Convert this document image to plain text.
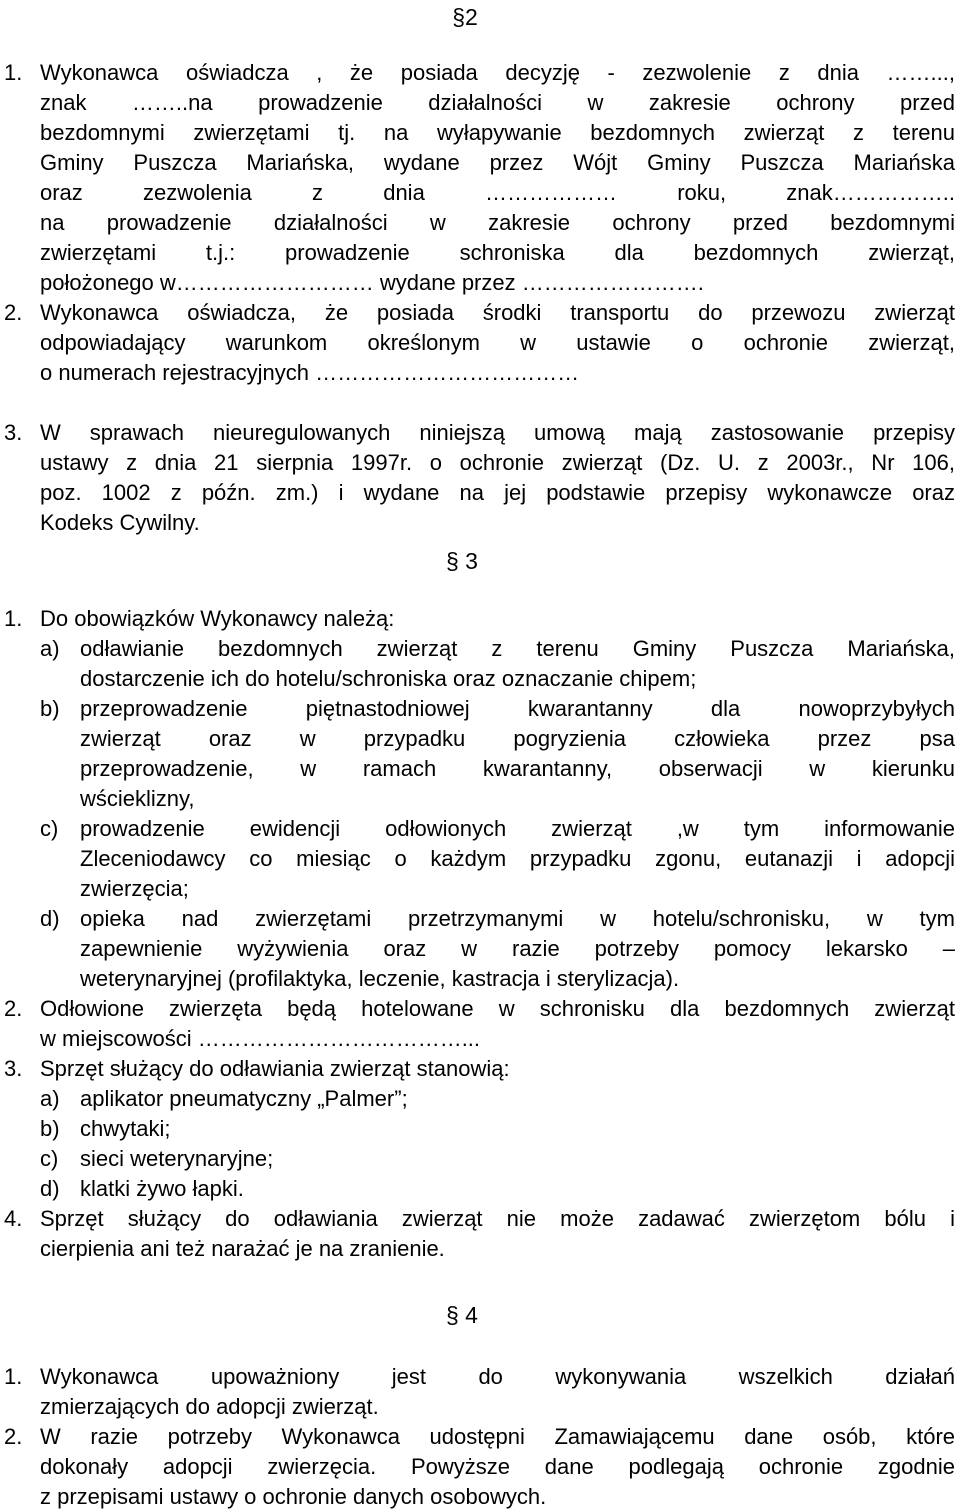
§2
1. Wykonawca oświadcza , że posiada decyzję - zezwolenie z dnia ……...,
znak ……..na prowadzenie działalności w zakresie ochrony przed
bezdomnymi zwierzętami tj. na wyłapywanie bezdomnych zwierząt z terenu
Gminy Puszcza Mariańska, wydane przez Wójt Gminy Puszcza Mariańska
oraz zezwolenia z dnia ……………… roku, znak……………..
na prowadzenie działalności w zakresie ochrony przed bezdomnymi
zwierzętami t.j.: prowadzenie schroniska dla bezdomnych zwierząt,
położonego w……………………… wydane przez …………………….
2. Wykonawca oświadcza, że posiada środki transportu do przewozu zwierząt
odpowiadający warunkom określonym w ustawie o ochronie zwierząt,
o numerach rejestracyjnych ………………………………
3. W sprawach nieuregulowanych niniejszą umową mają zastosowanie przepisy
ustawy z dnia 21 sierpnia 1997r. o ochronie zwierząt (Dz. U. z 2003r., Nr 106,
poz. 1002 z późn. zm.) i wydane na jej podstawie przepisy wykonawcze oraz
Kodeks Cywilny.
§ 3
1. Do obowiązków Wykonawcy należą:
a) odławianie bezdomnych zwierząt z terenu Gminy Puszcza Mariańska,
dostarczenie ich do hotelu/schroniska oraz oznaczanie chipem;
b) przeprowadzenie piętnastodniowej kwarantanny dla nowoprzybyłych
zwierząt oraz w przypadku pogryzienia człowieka przez psa
przeprowadzenie, w ramach kwarantanny, obserwacji w kierunku
wścieklizny,
c) prowadzenie ewidencji odłowionych zwierząt ,w tym informowanie
Zleceniodawcy co miesiąc o każdym przypadku zgonu, eutanazji i adopcji
zwierzęcia;
d) opieka nad zwierzętami przetrzymanymi w hotelu/schronisku, w tym
zapewnienie wyżywienia oraz w razie potrzeby pomocy lekarsko –
weterynaryjnej (profilaktyka, leczenie, kastracja i sterylizacja).
2. Odłowione zwierzęta będą hotelowane w schronisku dla bezdomnych zwierząt
w miejscowości ………………………………...
3. Sprzęt służący do odławiania zwierząt stanowią:
a) aplikator pneumatyczny „Palmer”;
b) chwytaki;
c) sieci weterynaryjne;
d) klatki żywo łapki.
4. Sprzęt służący do odławiania zwierząt nie może zadawać zwierzętom bólu i
cierpienia ani też narażać je na zranienie.
§ 4
1. Wykonawca upoważniony jest do wykonywania wszelkich działań
zmierzających do adopcji zwierząt.
2. W razie potrzeby Wykonawca udostępni Zamawiającemu dane osób, które
dokonały adopcji zwierzęcia. Powyższe dane podlegają ochronie zgodnie
z przepisami ustawy o ochronie danych osobowych.
